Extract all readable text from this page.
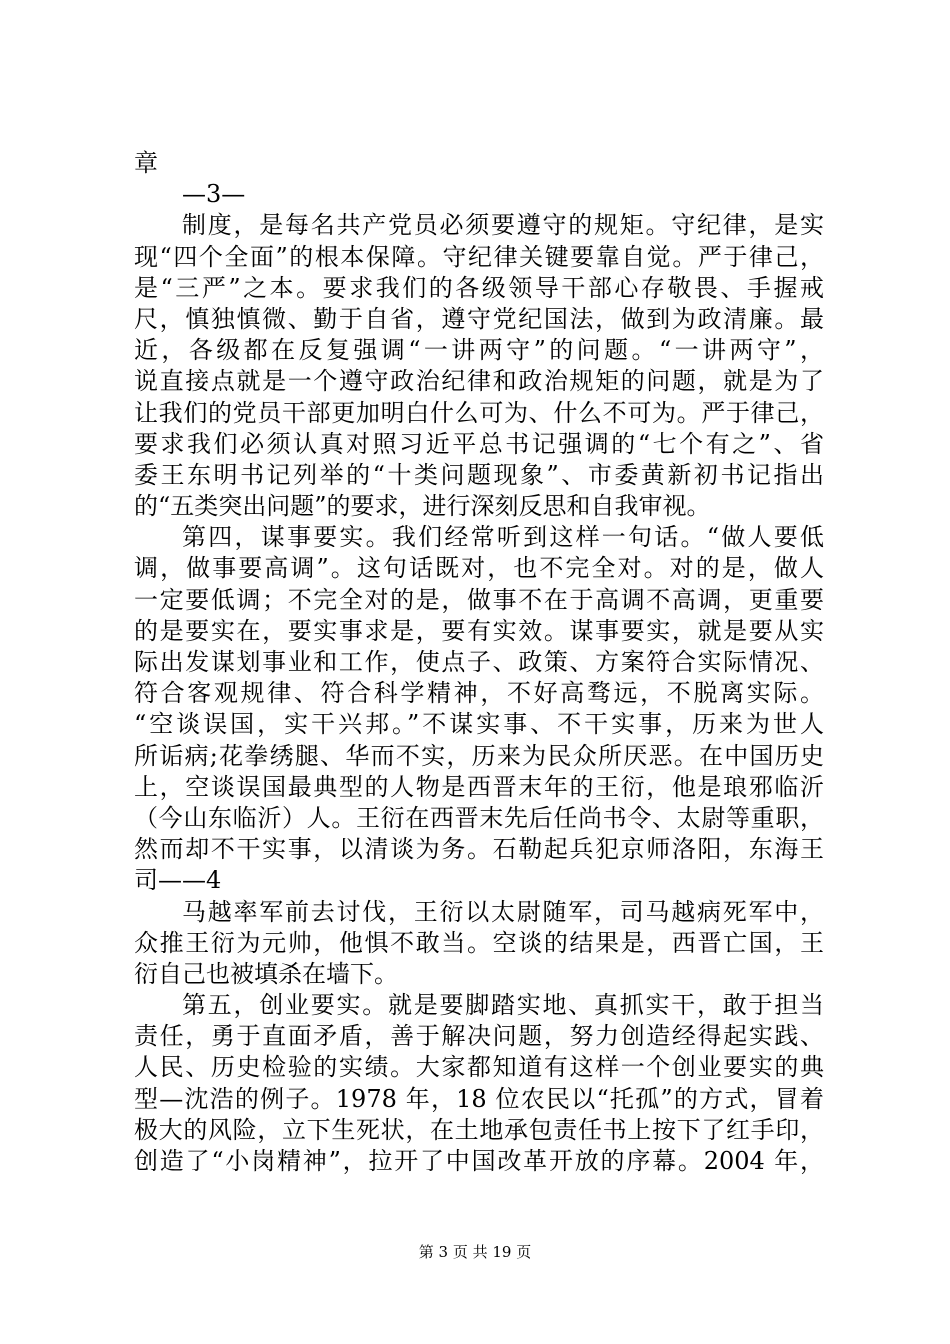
章
—3—
制度，是每名共产党员必须要遵守的规矩。守纪律，是实
现“四个全面”的根本保障。守纪律关键要靠自觉。严于律己，
是“三严”之本。要求我们的各级领导干部心存敬畏、手握戒
尺，慎独慎微、勤于自省，遵守党纪国法，做到为政清廉。最
近，各级都在反复强调“一讲两守”的问题。“一讲两守”，
说直接点就是一个遵守政治纪律和政治规矩的问题，就是为了
让我们的党员干部更加明白什么可为、什么不可为。严于律己，
要求我们必须认真对照习近平总书记强调的“七个有之”、省
委王东明书记列举的“十类问题现象”、市委黄新初书记指出
的“五类突出问题”的要求，进行深刻反思和自我审视。
第四，谋事要实。我们经常听到这样一句话。“做人要低
调，做事要高调”。这句话既对，也不完全对。对的是，做人
一定要低调；不完全对的是，做事不在于高调不高调，更重要
的是要实在，要实事求是，要有实效。谋事要实，就是要从实
际出发谋划事业和工作，使点子、政策、方案符合实际情况、
符合客观规律、符合科学精神，不好高骛远，不脱离实际。
“空谈误国，实干兴邦。”不谋实事、不干实事，历来为世人
所诟病;花拳绣腿、华而不实，历来为民众所厌恶。在中国历史
上，空谈误国最典型的人物是西晋末年的王衍，他是琅邪临沂
（今山东临沂）人。王衍在西晋末先后任尚书令、太尉等重职，
然而却不干实事，以清谈为务。石勒起兵犯京师洛阳，东海王
司——4
马越率军前去讨伐，王衍以太尉随军，司马越病死军中，
众推王衍为元帅，他惧不敢当。空谈的结果是，西晋亡国，王
衍自己也被填杀在墙下。
第五，创业要实。就是要脚踏实地、真抓实干，敢于担当
责任，勇于直面矛盾，善于解决问题，努力创造经得起实践、
人民、历史检验的实绩。大家都知道有这样一个创业要实的典
型—沈浩的例子。1978 年，18 位农民以“托孤”的方式，冒着
极大的风险，立下生死状，在土地承包责任书上按下了红手印，
创造了“小岗精神”，拉开了中国改革开放的序幕。2004 年，
第 3 页 共 19 页
